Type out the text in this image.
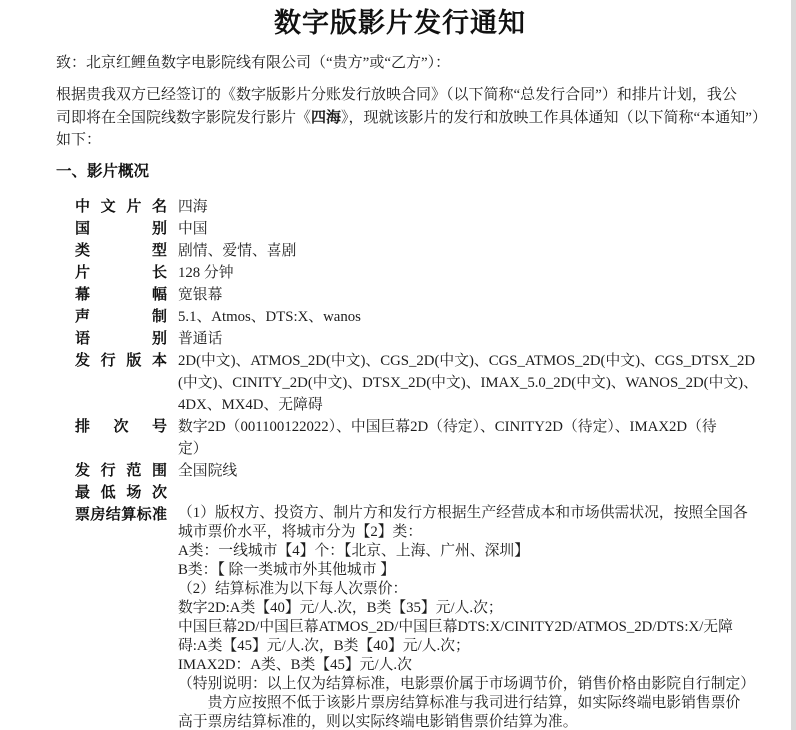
数字版影片发行通知
致：北京红鲤鱼数字电影院线有限公司（“贵方”或“乙方”）：
根据贵我双方已经签订的《数字版影片分账发行放映合同》（以下简称“总发行合同”）和排片计划，我公
司即将在全国院线数字影院发行影片《四海》，现就该影片的发行和放映工作具体通知（以下简称“本通知”）
如下：
一、影片概况
中文片名 四海
国别 中国
类型 剧情、爱情、喜剧
片长 128 分钟
幕幅 宽银幕
声制 5.1、Atmos、DTS:X、wanos
语别 普通话
发行版本 2D(中文)、ATMOS_2D(中文)、CGS_2D(中文)、CGS_ATMOS_2D(中文)、CGS_DTSX_2D
(中文)、CINITY_2D(中文)、DTSX_2D(中文)、IMAX_5.0_2D(中文)、WANOS_2D(中文)、
4DX、MX4D、无障碍
排次号 数字2D（001100122022）、中国巨幕2D（待定）、CINITY2D（待定）、IMAX2D（待
定）
发行范围 全国院线
最低场次
票房结算标准 （1）版权方、投资方、制片方和发行方根据生产经营成本和市场供需状况，按照全国各
城市票价水平，将城市分为【2】类：
A类：一线城市【4】个：【北京、上海、广州、深圳】
B类：【 除一类城市外其他城市 】
（2）结算标准为以下每人次票价：
数字2D:A类【40】元/人.次，B类【35】元/人.次；
中国巨幕2D/中国巨幕ATMOS_2D/中国巨幕DTS:X/CINITY2D/ATMOS_2D/DTS:X/无障
碍:A类【45】元/人.次，B类【40】元/人.次；
IMAX2D：A类、B类【45】元/人.次
（特别说明：以上仅为结算标准，电影票价属于市场调节价，销售价格由影院自行制定）
　　贵方应按照不低于该影片票房结算标准与我司进行结算，如实际终端电影销售票价
高于票房结算标准的，则以实际终端电影销售票价结算为准。
